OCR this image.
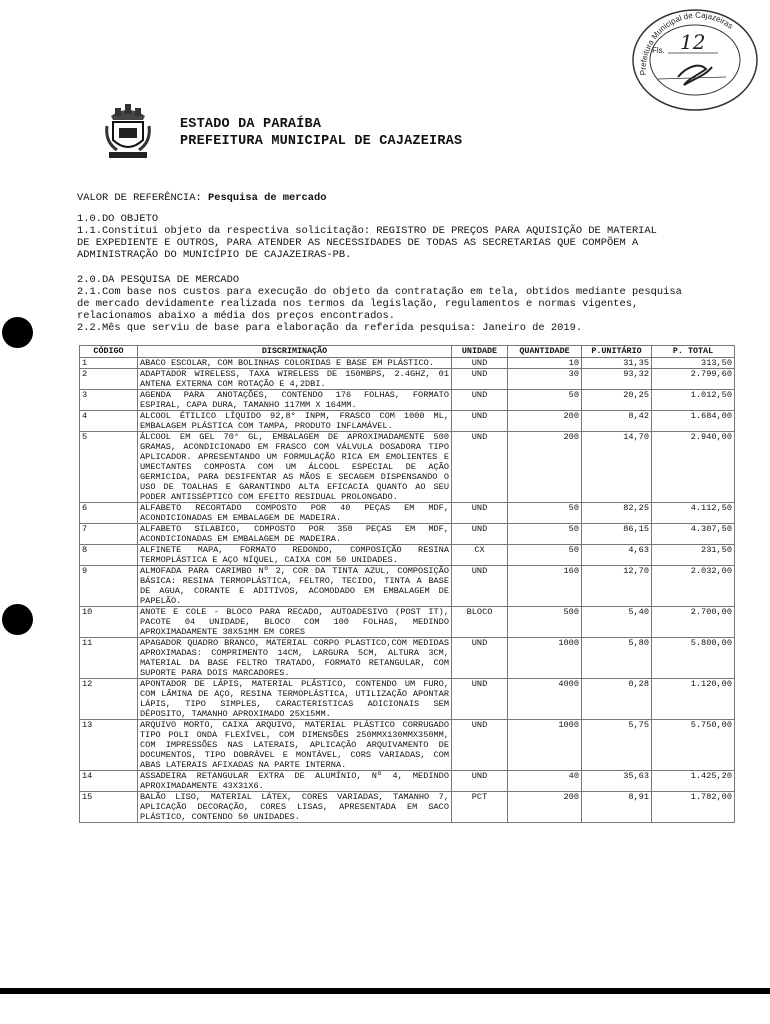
Prefeitura Municipal de Cajazeiras
Fls. 12
ESTADO DA PARAÍBA
PREFEITURA MUNICIPAL DE CAJAZEIRAS
VALOR DE REFERÊNCIA: Pesquisa de mercado
1.0.DO OBJETO
1.1.Constitui objeto da respectiva solicitação: REGISTRO DE PREÇOS PARA AQUISIÇÃO DE MATERIAL
DE EXPEDIENTE E OUTROS, PARA ATENDER AS NECESSIDADES DE TODAS AS SECRETARIAS QUE COMPÕEM A
ADMINISTRAÇÃO DO MUNICÍPIO DE CAJAZEIRAS-PB.
2.0.DA PESQUISA DE MERCADO
2.1.Com base nos custos para execução do objeto da contratação em tela, obtidos mediante pesquisa
de mercado devidamente realizada nos termos da legislação, regulamentos e normas vigentes,
relacionamos abaixo a média dos preços encontrados.
2.2.Mês que serviu de base para elaboração da referida pesquisa: Janeiro de 2019.
CÓDIGO	DISCRIMINAÇÃO	UNIDADE	QUANTIDADE	P.UNITÁRIO	P. TOTAL
1	ABACO ESCOLAR, COM BOLINHAS COLORIDAS E BASE EM PLÁSTICO.	UND	10	31,35	313,50
2	ADAPTADOR WIRELESS, TAXA WIRELESS DE 150MBPS, 2.4GHZ, 01 ANTENA EXTERNA COM ROTAÇÃO E 4,2DBI.	UND	30	93,32	2.799,60
3	AGENDA PARA ANOTAÇÕES, CONTENDO 176 FOLHAS, FORMATO ESPIRAL, CAPA DURA, TAMANHO 117MM X 164MM.	UND	50	20,25	1.012,50
4	ALCOOL ÉTILICO LÍQUIDO 92,8° INPM, FRASCO COM 1000 ML, EMBALAGEM PLÁSTICA COM TAMPA, PRODUTO INFLAMÁVEL.	UND	200	8,42	1.684,00
5	ÁLCOOL EM GEL 70° GL, EMBALAGEM DE APROXIMADAMENTE 500 GRAMAS, ACONDICIONADO EM FRASCO COM VÁLVULA DOSADORA TIPO APLICADOR. APRESENTANDO UM FORMULAÇÃO RICA EM EMOLIENTES E UMECTANTES COMPOSTA COM UM ÁLCOOL ESPECIAL DE AÇÃO GERMICIDA, PARA DESIFENTAR AS MÃOS E SECAGEM DISPENSANDO O USO DE TOALHAS E GARANTINDO ALTA EFICACIA QUANTO AO SEU PODER ANTISSÉPTICO COM EFEITO RESIDUAL PROLONGADO.	UND	200	14,70	2.940,00
6	ALFABETO RECORTADO COMPOSTO POR 40 PEÇAS EM MDF, ACONDICIONADAS EM EMBALAGEM DE MADEIRA.	UND	50	82,25	4.112,50
7	ALFABETO SILABICO, COMPOSTO POR 350 PEÇAS EM MDF, ACONDICIONADAS EM EMBALAGEM DE MADEIRA.	UND	50	86,15	4.307,50
8	ALFINETE MAPA, FORMATO REDONDO, COMPOSIÇÃO RESINA TERMOPLÁSTICA E AÇO NÍQUEL, CAIXA COM 50 UNIDADES.	CX	50	4,63	231,50
9	ALMOFADA PARA CARIMBO Nº 2, COR DA TINTA AZUL, COMPOSIÇÃO BÁSICA: RESINA TERMOPLÁSTICA, FELTRO, TECIDO, TINTA A BASE DE AGUA, CORANTE E ADITIVOS, ACOMODADO EM EMBALAGEM DE PAPELÃO.	UND	160	12,70	2.032,00
10	ANOTE E COLE - BLOCO PARA RECADO, AUTOADESIVO (POST IT), PACOTE 04 UNIDADE, BLOCO COM 100 FOLHAS, MEDINDO APROXIMADAMENTE 38X51MM EM CORES	BLOCO	500	5,40	2.700,00
11	APAGADOR QUADRO BRANCO, MATERIAL CORPO PLASTICO,COM MEDIDAS APROXIMADAS: COMPRIMENTO 14CM, LARGURA 5CM, ALTURA 3CM, MATERIAL DA BASE FELTRO TRATADO, FORMATO RETANGULAR, COM SUPORTE PARA DOIS MARCADORES.	UND	1000	5,80	5.800,00
12	APONTADOR DE LÁPIS, MATERIAL PLÁSTICO, CONTENDO UM FURO, COM LÂMINA DE AÇO, RESINA TERMOPLÁSTICA, UTILIZAÇÃO APONTAR LÁPIS, TIPO SIMPLES, CARACTERISTICAS ADICIONAIS SEM DÉPOSITO, TAMANHO APROXIMADO 25X15MM.	UND	4000	0,28	1.120,00
13	ARQUIVO MORTO, CAIXA ARQUIVO, MATERIAL PLÁSTICO CORRUGADO TIPO POLI ONDA FLEXÍVEL, COM DIMENSÕES 250MMX130MMX350MM, COM IMPRESSÕES NAS LATERAIS, APLICAÇÃO ARQUIVAMENTO DE DOCUMENTOS, TIPO DOBRÁVEL E MONTÁVEL, CORS VARIADAS, COM ABAS LATERAIS AFIXADAS NA PARTE INTERNA.	UND	1000	5,75	5.750,00
14	ASSADEIRA RETANGULAR EXTRA DE ALUMÍNIO, Nº 4, MEDINDO APROXIMADAMENTE 43X31X6.	UND	40	35,63	1.425,20
15	BALÃO LISO, MATERIAL LÁTEX, CORES VARIADAS, TAMANHO 7, APLICAÇÃO DECORAÇÃO, CORES LISAS, APRESENTADA EM SACO PLÁSTICO, CONTENDO 50 UNIDADES.	PCT	200	8,91	1.782,00
